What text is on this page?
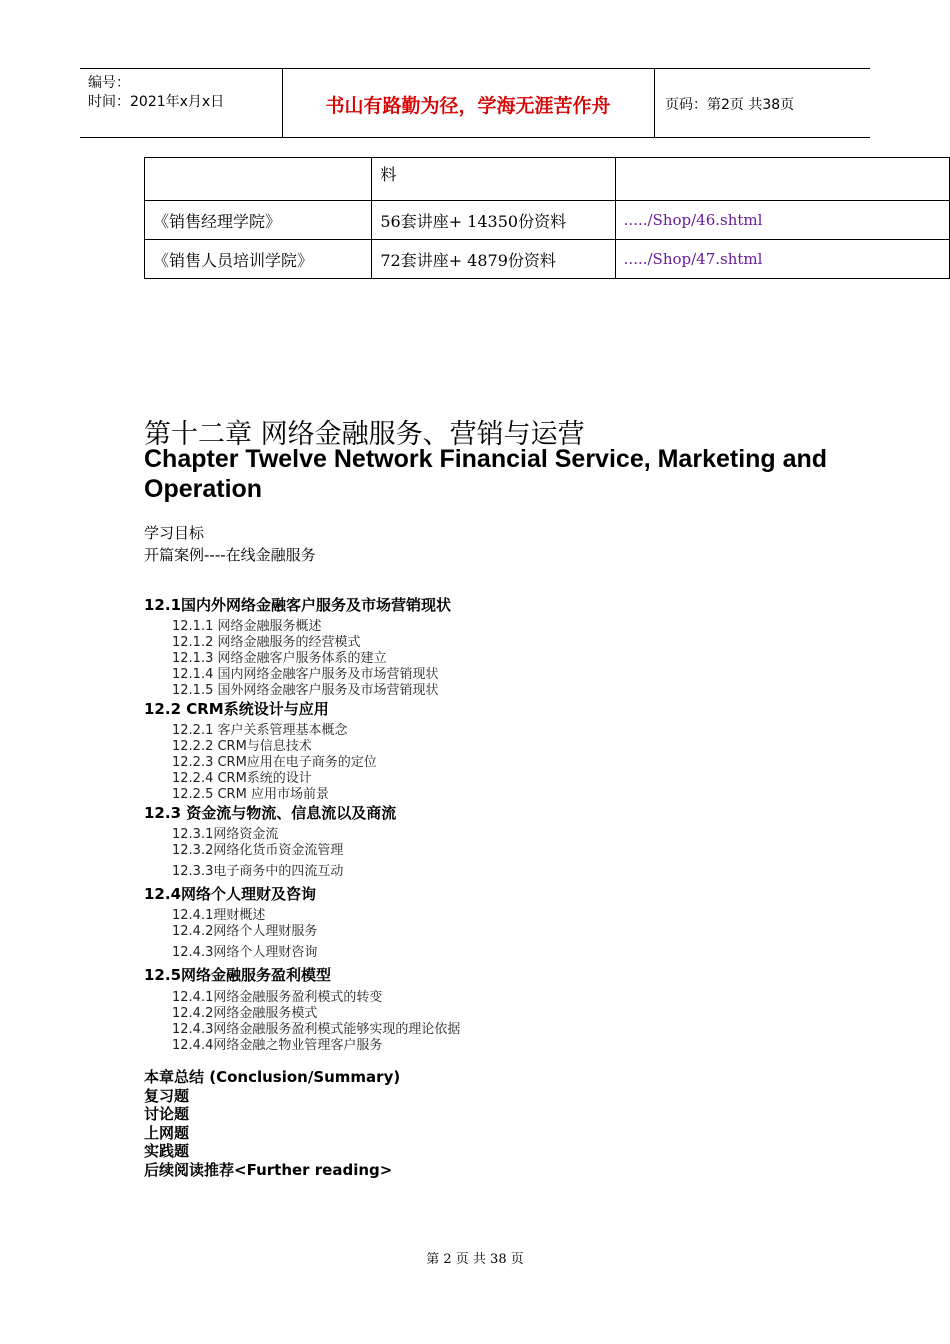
编号：
时间：2021年x月x日	书山有路勤为径，学海无涯苦作舟	页码：第2页 共38页
	料	
《销售经理学院》	56套讲座+ 14350份资料	...../Shop/46.shtml
《销售人员培训学院》	72套讲座+ 4879份资料	...../Shop/47.shtml
第十二章 网络金融服务、营销与运营
Chapter Twelve Network Financial Service, Marketing and Operation
学习目标
开篇案例----在线金融服务
12.1国内外网络金融客户服务及市场营销现状
12.1.1 网络金融服务概述
12.1.2 网络金融服务的经营模式
12.1.3 网络金融客户服务体系的建立
12.1.4 国内网络金融客户服务及市场营销现状
12.1.5 国外网络金融客户服务及市场营销现状
12.2 CRM系统设计与应用
12.2.1 客户关系管理基本概念
12.2.2 CRM与信息技术
12.2.3 CRM应用在电子商务的定位
12.2.4 CRM系统的设计
12.2.5 CRM 应用市场前景
12.3 资金流与物流、信息流以及商流
12.3.1网络资金流
12.3.2网络化货币资金流管理
12.3.3电子商务中的四流互动
12.4网络个人理财及咨询
12.4.1理财概述
12.4.2网络个人理财服务
12.4.3网络个人理财咨询
12.5网络金融服务盈利模型
12.4.1网络金融服务盈利模式的转变
12.4.2网络金融服务模式
12.4.3网络金融服务盈利模式能够实现的理论依据
12.4.4网络金融之物业管理客户服务
本章总结 (Conclusion/Summary)
复习题
讨论题
上网题
实践题
后续阅读推荐<Further reading>
第 2 页 共 38 页
